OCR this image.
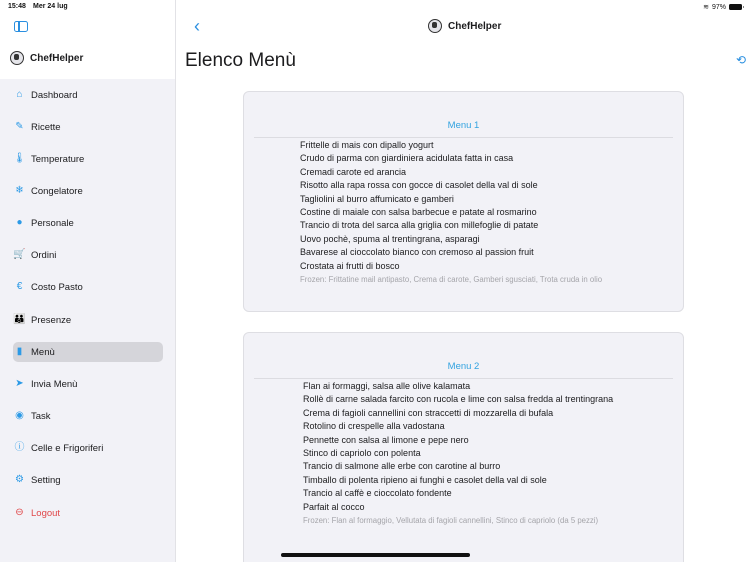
15:48 Mer 24 lug
ChefHelper
⌂ Dashboard
✎ Ricette
🌡 Temperature
❄ Congelatore
● Personale
🛒 Ordini
€ Costo Pasto
👪 Presenze
▮ Menù
➤ Invia Menù
◉ Task
ⓘ Celle e Frigoriferi
⚙ Setting
⊖ Logout
≋ 97%
‹	ChefHelper
Elenco Menù	⟲
Menu 1
Frittelle di mais con dipallo yogurt
Crudo di parma con giardiniera acidulata fatta in casa
Cremadi carote ed arancia
Risotto alla rapa rossa con gocce di casolet della val di sole
Tagliolini al burro affumicato e gamberi
Costine di maiale con salsa barbecue e patate al rosmarino
Trancio di trota del sarca alla griglia con millefoglie di patate
Uovo pochè, spuma al trentingrana, asparagi
Bavarese al cioccolato bianco con cremoso al passion fruit
Crostata ai frutti di bosco
Frozen: Frittatine mail antipasto, Crema di carote, Gamberi sgusciati, Trota cruda in olio
Menu 2
Flan ai formaggi, salsa alle olive kalamata
Rollè di carne salada farcito con rucola e lime con salsa fredda al trentingrana
Crema di fagioli cannellini con straccetti di mozzarella di bufala
Rotolino di crespelle alla vadostana
Pennette con salsa al limone e pepe nero
Stinco di capriolo con polenta
Trancio di salmone alle erbe con carotine al burro
Timballo di polenta ripieno ai funghi e casolet della val di sole
Trancio al caffè e cioccolato fondente
Parfait al cocco
Frozen: Flan al formaggio, Vellutata di fagioli cannellini, Stinco di capriolo (da 5 pezzi)
